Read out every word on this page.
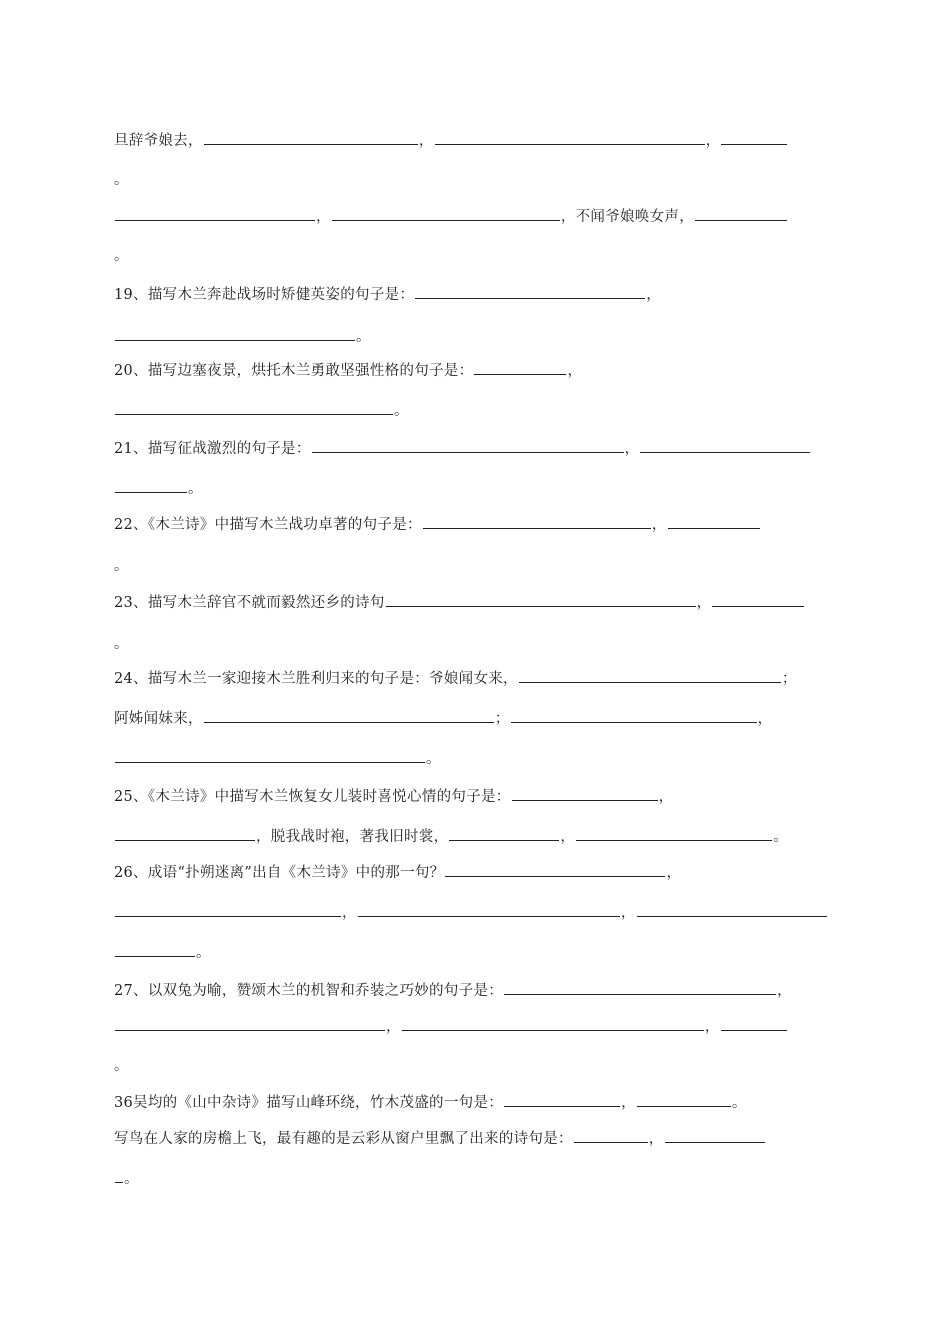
旦辞爷娘去，	，	，
。
，	，不闻爷娘唤女声，
。
19、描写木兰奔赴战场时矫健英姿的句子是：	，
。
20、描写边塞夜景，烘托木兰勇敢坚强性格的句子是：	，
。
21、描写征战激烈的句子是：	，
。
22、《木兰诗》中描写木兰战功卓著的句子是：	，
。
23、描写木兰辞官不就而毅然还乡的诗句	，
。
24、描写木兰一家迎接木兰胜利归来的句子是：爷娘闻女来，	；
阿姊闻妹来，	；	，
。
25、《木兰诗》中描写木兰恢复女儿装时喜悦心情的句子是：	，
，脱我战时袍，著我旧时裳，	，	。
26、成语“扑朔迷离”出自《木兰诗》中的那一句？	，
，	，
。
27、以双兔为喻，赞颂木兰的机智和乔装之巧妙的句子是：	，
，	，
。
36吴均的《山中杂诗》描写山峰环绕，竹木茂盛的一句是：	，	。
写鸟在人家的房檐上飞，最有趣的是云彩从窗户里飘了出来的诗句是：	，
。
